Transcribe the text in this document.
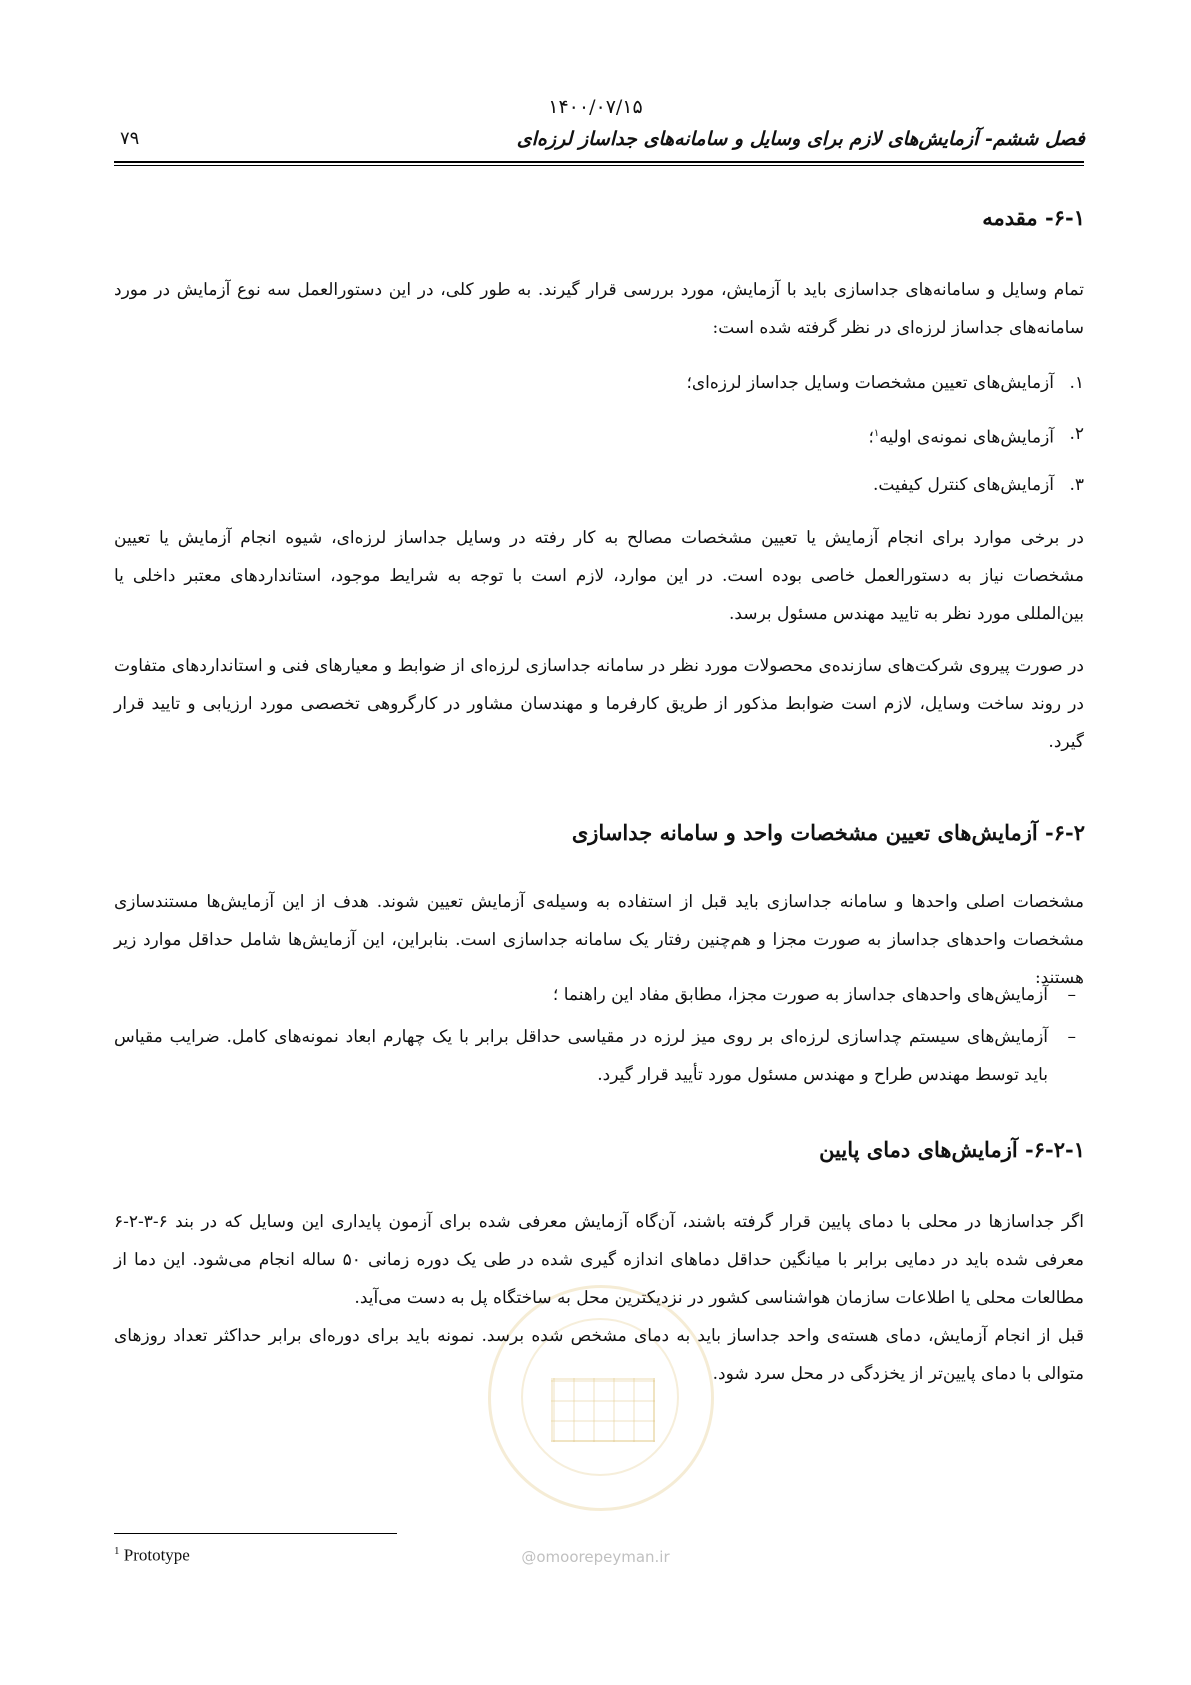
۱۴۰۰/۰۷/۱۵
فصل ششم- آزمایش‌های لازم برای وسایل و سامانه‌های جداساز لرزه‌ای
۷۹
۶-۱- مقدمه

تمام وسایل و سامانه‌های جداسازی باید با آزمایش، مورد بررسی قرار گیرند. به طور کلی، در این دستورالعمل سه نوع آزمایش در مورد سامانه‌های جداساز لرزه‌ای در نظر گرفته شده است:

۱.
آزمایش‌های تعیین مشخصات وسایل جداساز لرزه‌ای؛
۲.
آزمایش‌های نمونه‌ی اولیه$^۱$؛
۳.
آزمایش‌های کنترل کیفیت.

در برخی موارد برای انجام آزمایش یا تعیین مشخصات مصالح به کار رفته در وسایل جداساز لرزه‌ای، شیوه انجام آزمایش یا تعیین مشخصات نیاز به دستورالعمل خاصی بوده است. در این موارد، لازم است با توجه به شرایط موجود، استانداردهای معتبر داخلی یا بین‌المللی مورد نظر به تایید مهندس مسئول برسد.

در صورت پیروی شرکت‌های سازنده‌ی محصولات مورد نظر در سامانه جداسازی لرزه‌ای از ضوابط و معیارهای فنی و استانداردهای متفاوت در روند ساخت وسایل، لازم است ضوابط مذکور از طریق کارفرما و مهندسان مشاور در کارگروهی تخصصی مورد ارزیابی و تایید قرار گیرد.

۶-۲- آزمایش‌های تعیین مشخصات واحد و سامانه جداسازی

مشخصات اصلی واحدها و سامانه جداسازی باید قبل از استفاده به وسیله‌ی آزمایش تعیین شوند. هدف از این آزمایش‌ها مستندسازی مشخصات واحدهای جداساز به صورت مجزا و هم‌چنین رفتار یک سامانه جداسازی است. بنابراین، این آزمایش‌ها شامل حداقل موارد زیر هستند:

–
آزمایش‌های واحدهای جداساز به صورت مجزا، مطابق مفاد این راهنما ؛
–
آزمایش‌های سیستم چداسازی لرزه‌ای بر روی میز لرزه در مقیاسی حداقل برابر با یک چهارم ابعاد نمونه‌های کامل. ضرایب مقیاس باید توسط مهندس طراح و مهندس مسئول مورد تأیید قرار گیرد.
۶-۲-۱- آزمایش‌های دمای پایین

اگر جداسازها در محلی با دمای پایین قرار گرفته باشند، آن‌گاه آزمایش معرفی شده برای آزمون پایداری این وسایل که در بند ۶-۳-۲-۶ معرفی شده باید در دمایی برابر با میانگین حداقل دماهای اندازه گیری شده در طی یک دوره زمانی ۵۰ ساله انجام می‌شود. این دما از مطالعات محلی یا اطلاعات سازمان هواشناسی کشور در نزدیکترین محل به ساختگاه پل به دست می‌آید.

قبل از انجام آزمایش، دمای هسته‌ی واحد جداساز باید به دمای مشخص شده برسد. نمونه باید برای دوره‌ای برابر حداکثر تعداد روزهای متوالی با دمای پایین‌تر از یخزدگی در محل سرد شود.

$^1$ Prototype	@omoorepeyman.ir
